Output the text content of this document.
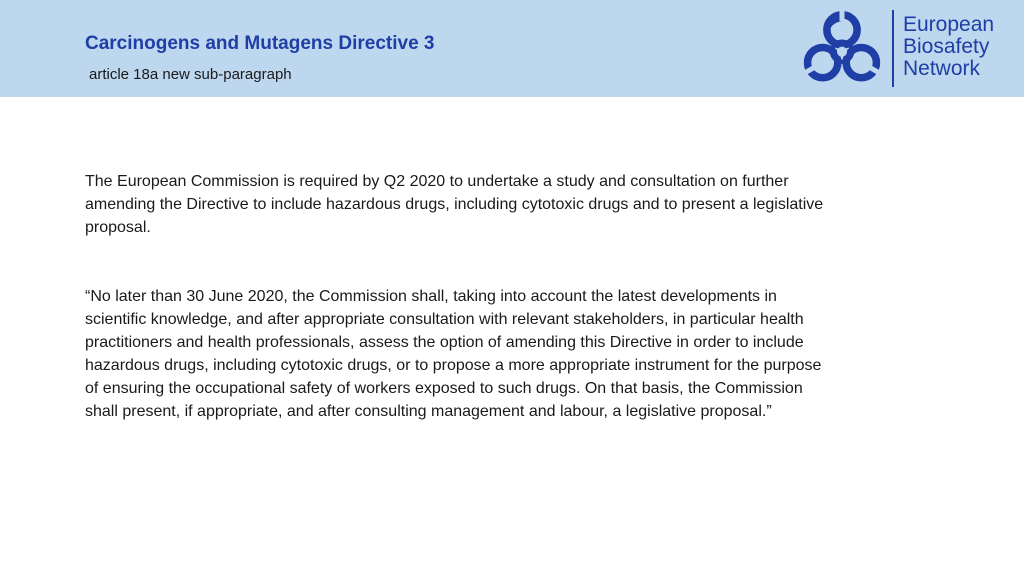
Carcinogens and Mutagens Directive 3
article 18a new sub-paragraph
European
Biosafety
Network

The European Commission is required by Q2 2020 to undertake a study and consultation on further amending the Directive to include hazardous drugs, including cytotoxic drugs and to present a legislative proposal.

“No later than 30 June 2020, the Commission shall, taking into account the latest developments in scientific knowledge, and after appropriate consultation with relevant stakeholders, in particular health practitioners and health professionals, assess the option of amending this Directive in order to include hazardous drugs, including cytotoxic drugs, or to propose a more appropriate instrument for the purpose of ensuring the occupational safety of workers exposed to such drugs. On that basis, the Commission shall present, if appropriate, and after consulting management and labour, a legislative proposal.”
